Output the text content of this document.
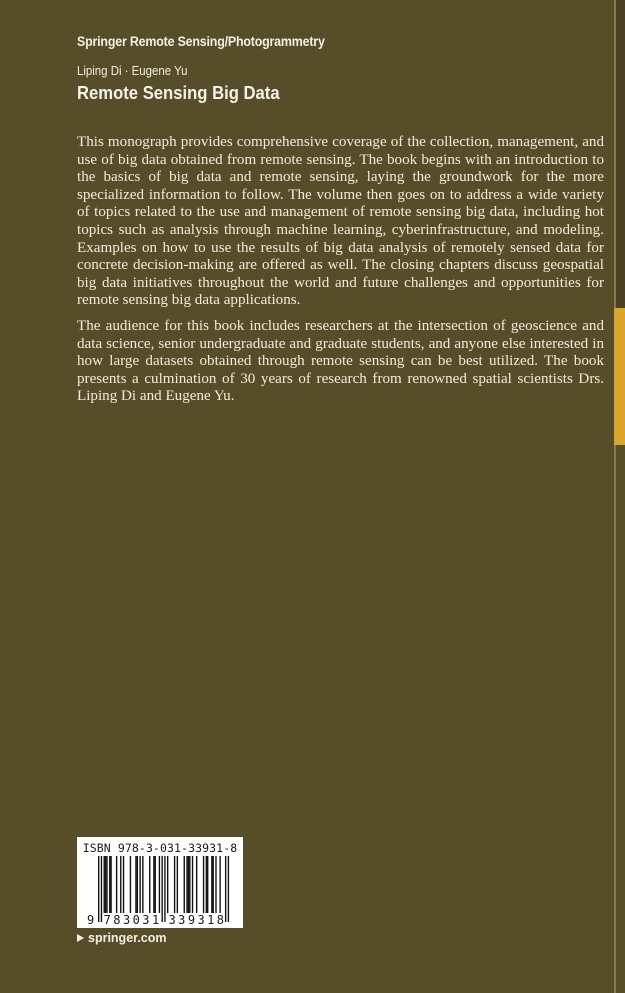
Springer Remote Sensing/Photogrammetry
Liping Di · Eugene Yu
Remote Sensing Big Data

This monograph provides comprehensive coverage of the collection, management, and use of big data obtained from remote sensing. The book begins with an introduction to the basics of big data and remote sensing, laying the groundwork for the more specialized information to follow. The volume then goes on to address a wide variety of topics related to the use and management of remote sensing big data, including hot topics such as analysis through machine learning, cyberinfrastructure, and modeling. Examples on how to use the results of big data analysis of remotely sensed data for concrete decision-making are offered as well. The closing chapters discuss geospatial big data initiatives throughout the world and future challenges and opportunities for remote sensing big data applications.

The audience for this book includes researchers at the intersection of geoscience and data science, senior undergraduate and graduate students, and anyone else interested in how large datasets obtained through remote sensing can be best utilized. The book presents a culmination of 30 years of research from renowned spatial scientists Drs. Liping Di and Eugene Yu.

ISBN 978-3-031-33931-8
9 7 8 3 0 3 1 3 3 9 3 1 8
springer.com
